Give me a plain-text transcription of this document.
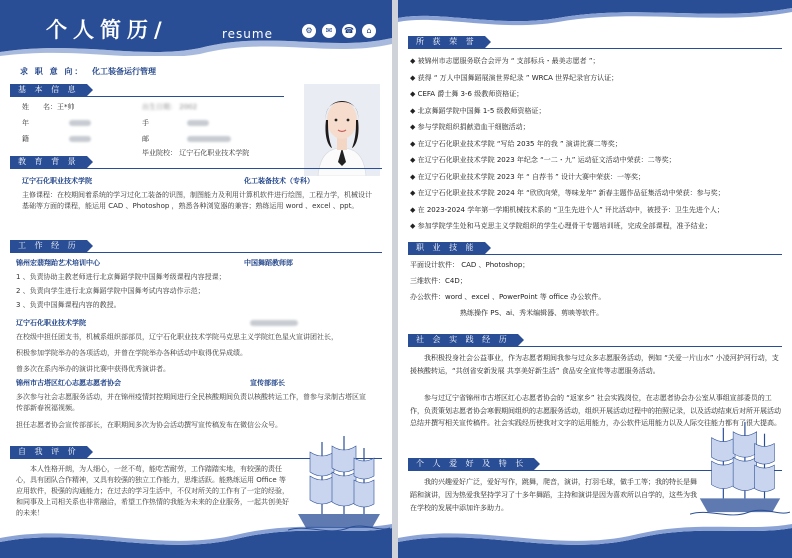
个人简历/	resume	⚙	✉	☎	⌂
求 职 意 向： 化工装备运行管理
基 本 信 息
姓　　名：王*帅	出生日期： 2002
年	手
籍	邮
毕业院校： 辽宁石化职业技术学院
教 育 背 景
辽宁石化职业技术学院	化工装备技术（专科）
主修课程：在校期间着系统的学习过化工装备的识图，制图能力及利用计算机软件进行绘图，工程力学，机械设计基础等方面的课程，能运用 CAD 、Photoshop ，熟悉各种浏览器的兼容；熟练运用 word 、excel 、ppt。
工 作 经 历
锦州宏翡翔跆艺术培训中心	中国舞蹈教师郎
1 、负责协助主教老师进行北京舞蹈学院中国舞考级课程内容授课；
2 、负责向学生进行北京舞蹈学院中国舞考试内容动作示范；
3 、负责中国舞课程内容的教授。
辽宁石化职业技术学院
在校级中担任团支书，机械系组织部部员，辽宁石化职业技术学院马克思主义学院红色星火宣讲团社长，
积极参加学院举办的各项活动，并曾在学院举办各种活动中取得优异成绩。
曾多次在系内举办的演讲比赛中获得优秀演讲者。
锦州市古塔区红心志愿志愿者协会	宣传部部长
多次参与社会志愿服务活动，并在锦州疫情封控期间进行全民核酸期间负责以核酸转运工作，曾参与录制古塔区宣传部新春祝福视频。
担任志愿者协会宣传部部长，在职期间多次为协会活动撰写宣传稿发布在微信公众号。
自 我 评 价
本人性格开朗，为人细心，一丝不苟，能吃苦耐劳，工作踏踏实地，有较强的责任心，具有团队合作精神，又具有较强的独立工作能力，思维活跃。能熟练运用 Office 等应用软件，极强的沟通能力；在过去的学习生活中，不仅对所关的工作有了一定的经验，和同事及上司相关系也非常融洽，希望工作热情的我能为未来的企业服务，一起共创美好的未来！
所 获 荣 誉
◆ 被锦州市志愿服务联合会评为 “ 支部标兵・最美志愿者 ”；
◆ 获得 “ 万人中国舞蹈展演世界纪录 ” WRCA 世界纪录官方认证；
◆ CEFA 爵士舞 3-6 级教师资格证；
◆ 北京舞蹈学院中国舞 1-5 级教师资格证；
◆ 参与学院组织捐献造血干细胞活动；
◆ 在辽宁石化职业技术学院 “写给 2035 年的我 ” 演讲比赛二等奖；
◆ 在辽宁石化职业技术学院 2023 年纪念 “一二・九” 运动征文活动中荣获：二等奖；
◆ 在辽宁石化职业技术学院 2023 年 “ 自荐书 ” 设计大赛中荣获：一等奖；
◆ 在辽宁石化职业技术学院 2024 年 “欣欣向荣，等味龙年” 新春主题作品征集活动中荣获：参与奖；
◆ 在 2023-2024 学年第一学期机械技术系的 “卫生先进个人” 评比活动中，被授予：卫生先进个人；
◆ 参加学院学生处和马克思主义学院组织的学生心理骨干专题培训班，完成全部课程，准予结业；
职 业 技 能
平面设计软件： CAD 、Photoshop；
三维软件：C4D；
办公软件：word 、excel 、PowerPoint 等 office 办公软件。
熟练操作 PS、ai、秀米编辑器、剪映等软件。
社 会 实 践 经 历
我积极投身社会公益事业，作为志愿者期间我参与过众多志愿服务活动，例如 “关爱一片山水” 小凌河护河行动，支援核酸转运，“共创省安新发展 共享美好新生活” 食品安全宣传等志愿服务活动。
参与过辽宁省锦州市古塔区红心志愿者协会的 “返家乡” 社会实践岗位，在志愿者协会办公室从事组宣部委员的工作，负责策划志愿者协会寒假期间组织的志愿服务活动，组织开展活动过程中的拍照记录，以及活动结束后对所开展活动总结并撰写相关宣传稿件。社会实践经历使我对文字的运用能力，办公软件运用能力以及人际交往能力都有了很大提高。
个 人 爱 好 及 特 长
我的兴趣爱好广泛，爱好写作，跳舞，爬音，演讲，打羽毛球，做手工等；我的特长是舞蹈和演讲，因为热爱我坚持学习了十多年舞蹈，主持和演讲是因为喜欢所以自学的，这些为我在学校的发展中添加许多助力。
